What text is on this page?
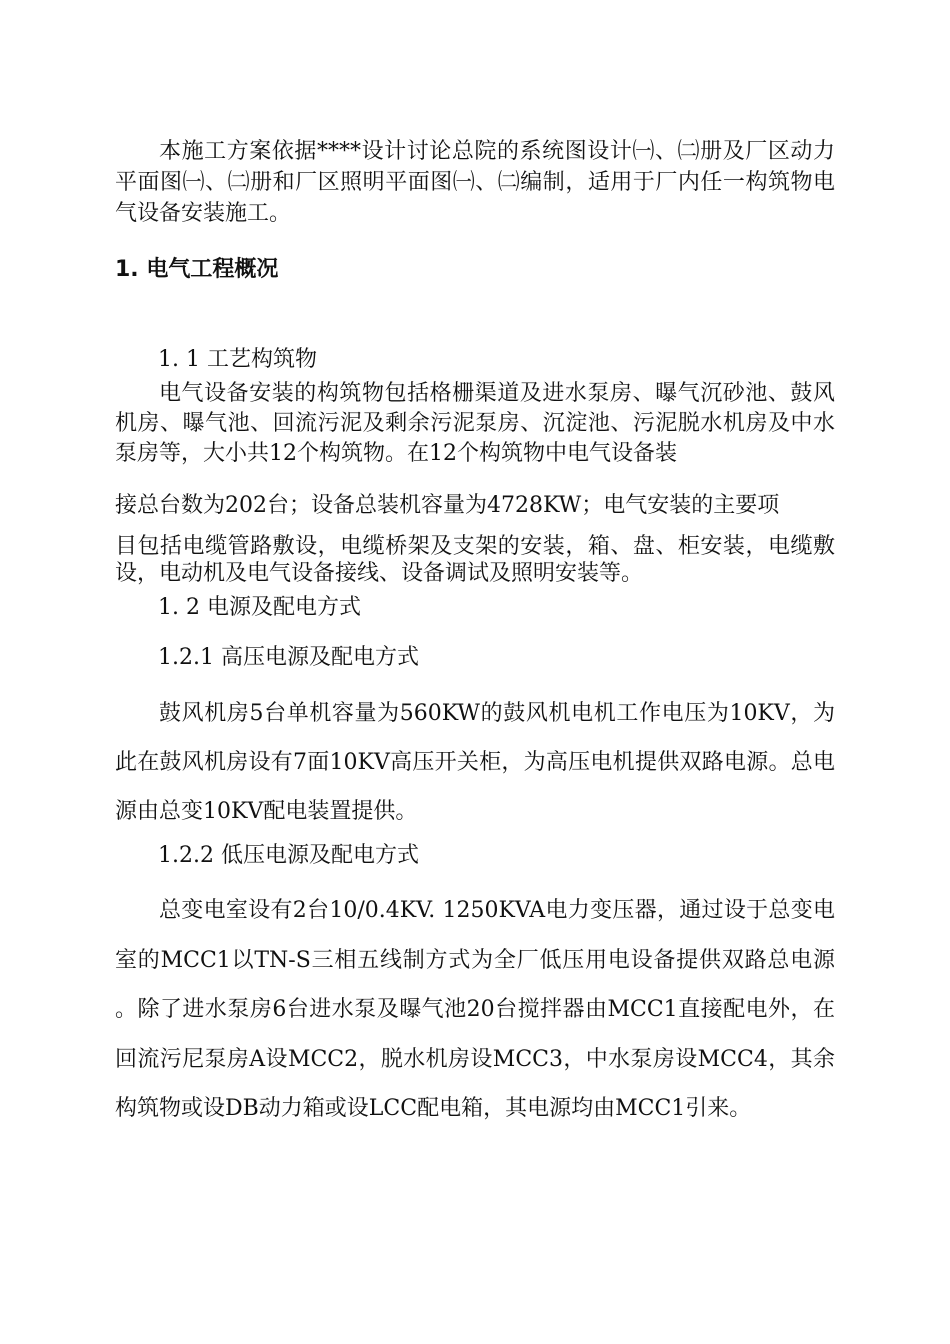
本施工方案依据****设计讨论总院的系统图设计㈠、㈡册及厂区动力平面图㈠、㈡册和厂区照明平面图㈠、㈡编制，适用于厂内任一构筑物电气设备安装施工。

1. 电气工程概况

1. 1 工艺构筑物

电气设备安装的构筑物包括格栅渠道及进水泵房、曝气沉砂池、鼓风机房、曝气池、回流污泥及剩余污泥泵房、沉淀池、污泥脱水机房及中水泵房等，大小共12个构筑物。在12个构筑物中电气设备装

接总台数为202台；设备总装机容量为4728KW；电气安装的主要项

目包括电缆管路敷设，电缆桥架及支架的安装，箱、盘、柜安装，电缆敷设，电动机及电气设备接线、设备调试及照明安装等。

1. 2 电源及配电方式

1.2.1 高压电源及配电方式

鼓风机房5台单机容量为560KW的鼓风机电机工作电压为10KV，为此在鼓风机房设有7面10KV高压开关柜，为高压电机提供双路电源。总电源由总变10KV配电装置提供。

1.2.2 低压电源及配电方式

总变电室设有2台10/0.4KV. 1250KVA电力变压器，通过设于总变电室的MCC1以TN-S三相五线制方式为全厂低压用电设备提供双路总电源。除了进水泵房6台进水泵及曝气池20台搅拌器由MCC1直接配电外，在回流污尼泵房A设MCC2，脱水机房设MCC3，中水泵房设MCC4，其余构筑物或设DB动力箱或设LCC配电箱，其电源均由MCC1引来。
